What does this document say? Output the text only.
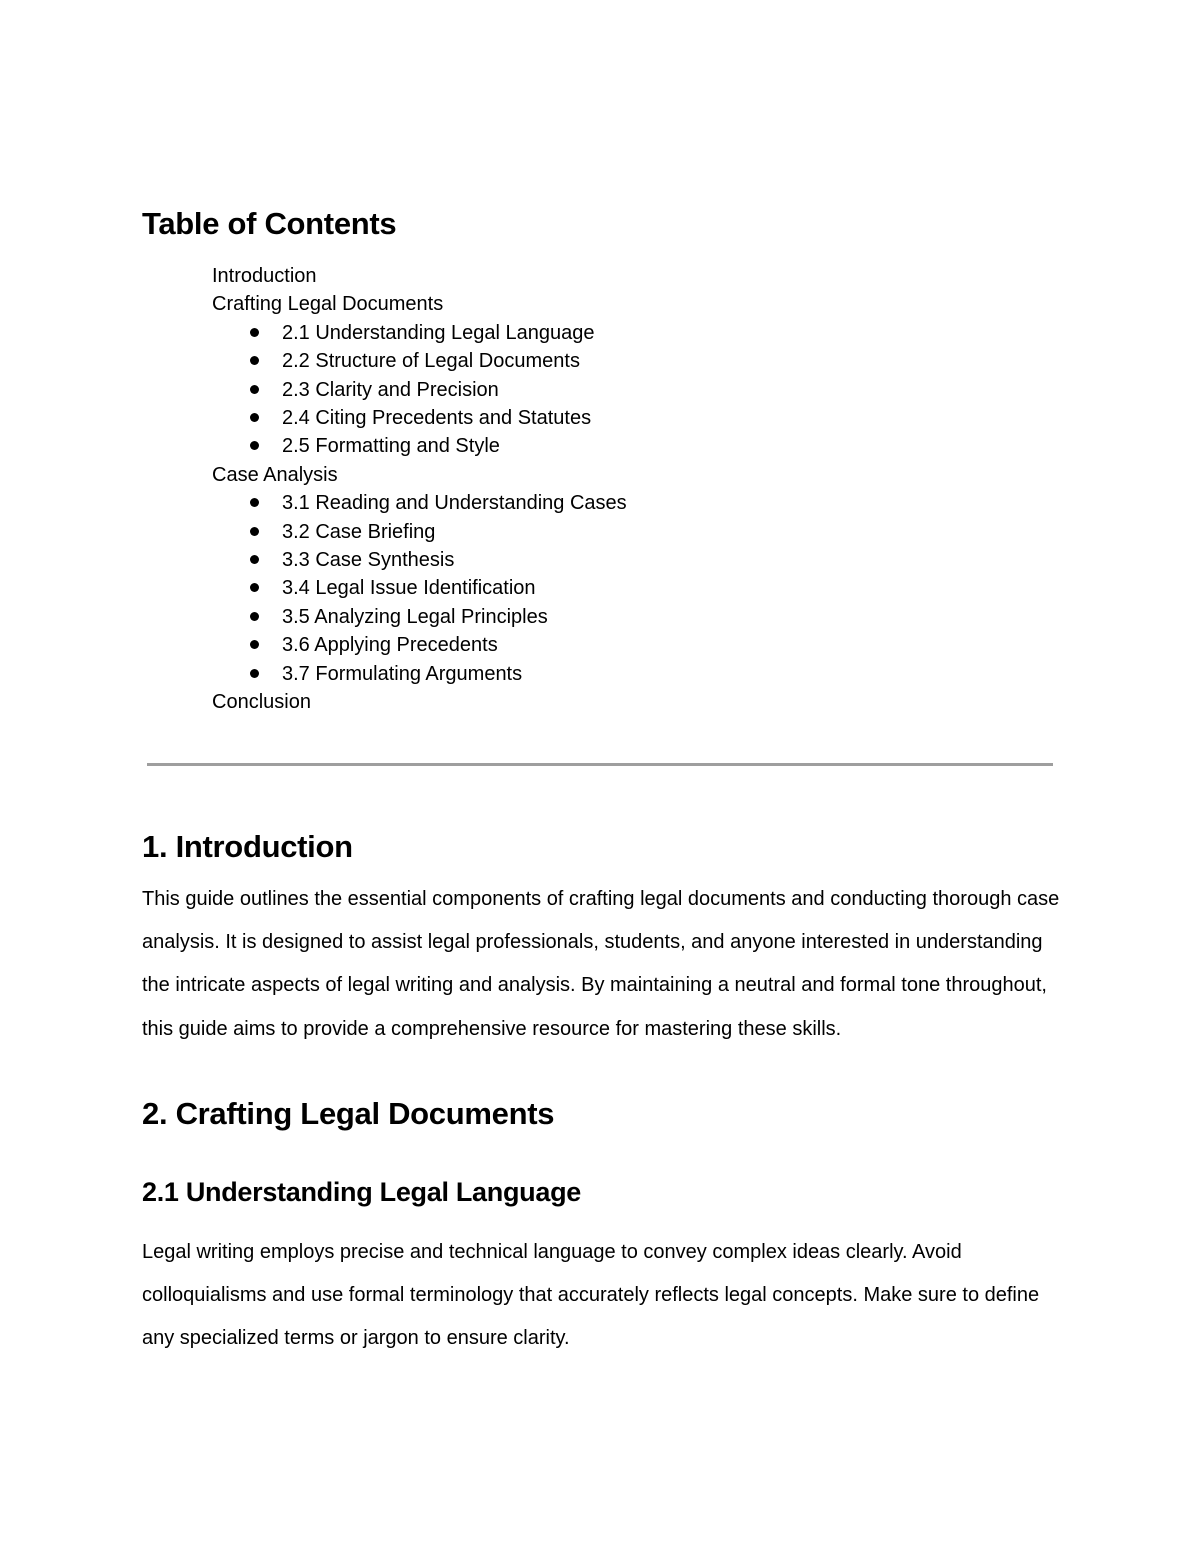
Table of Contents
Introduction
Crafting Legal Documents
2.1 Understanding Legal Language
2.2 Structure of Legal Documents
2.3 Clarity and Precision
2.4 Citing Precedents and Statutes
2.5 Formatting and Style
Case Analysis
3.1 Reading and Understanding Cases
3.2 Case Briefing
3.3 Case Synthesis
3.4 Legal Issue Identification
3.5 Analyzing Legal Principles
3.6 Applying Precedents
3.7 Formulating Arguments
Conclusion
1. Introduction

This guide outlines the essential components of crafting legal documents and conducting thorough case analysis. It is designed to assist legal professionals, students, and anyone interested in understanding the intricate aspects of legal writing and analysis. By maintaining a neutral and formal tone throughout, this guide aims to provide a comprehensive resource for mastering these skills.

2. Crafting Legal Documents
2.1 Understanding Legal Language

Legal writing employs precise and technical language to convey complex ideas clearly. Avoid colloquialisms and use formal terminology that accurately reflects legal concepts. Make sure to define any specialized terms or jargon to ensure clarity.
